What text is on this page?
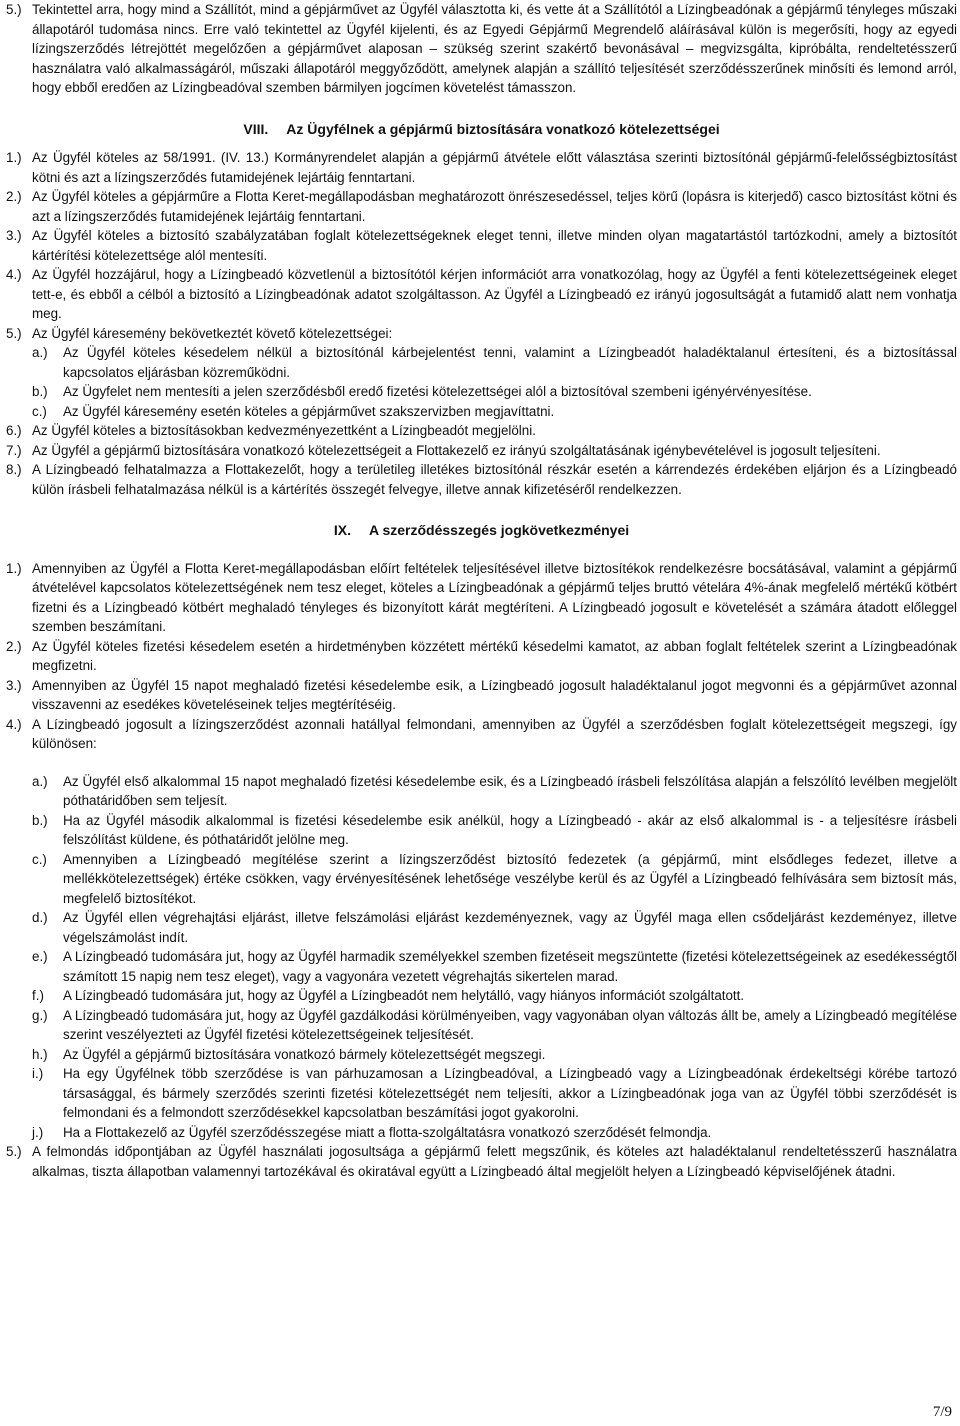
5.) Tekintettel arra, hogy mind a Szállítót, mind a gépjárművet az Ügyfél választotta ki, és vette át a Szállítótól a Lízingbeadónak a gépjármű tényleges műszaki állapotáról tudomása nincs. Erre való tekintettel az Ügyfél kijelenti, és az Egyedi Gépjármű Megrendelő aláírásával külön is megerősíti, hogy az egyedi lízingszerződés létrejöttét megelőzően a gépjárművet alaposan – szükség szerint szakértő bevonásával – megvizsgálta, kipróbálta, rendeltetésszerű használatra való alkalmasságáról, műszaki állapotáról meggyőződött, amelynek alapján a szállító teljesítését szerződésszerűnek minősíti és lemond arról, hogy ebből eredően az Lízingbeadóval szemben bármilyen jogcímen követelést támasszon.

VIII. Az Ügyfélnek a gépjármű biztosítására vonatkozó kötelezettségei

1.) Az Ügyfél köteles az 58/1991. (IV. 13.) Kormányrendelet alapján a gépjármű átvétele előtt választása szerinti biztosítónál gépjármű-felelősségbiztosítást kötni és azt a lízingszerződés futamidejének lejártáig fenntartani.

2.) Az Ügyfél köteles a gépjárműre a Flotta Keret-megállapodásban meghatározott önrészesedéssel, teljes körű (lopásra is kiterjedő) casco biztosítást kötni és azt a lízingszerződés futamidejének lejártáig fenntartani.

3.) Az Ügyfél köteles a biztosító szabályzatában foglalt kötelezettségeknek eleget tenni, illetve minden olyan magatartástól tartózkodni, amely a biztosítót kártérítési kötelezettsége alól mentesíti.

4.) Az Ügyfél hozzájárul, hogy a Lízingbeadó közvetlenül a biztosítótól kérjen információt arra vonatkozólag, hogy az Ügyfél a fenti kötelezettségeinek eleget tett-e, és ebből a célból a biztosító a Lízingbeadónak adatot szolgáltasson. Az Ügyfél a Lízingbeadó ez irányú jogosultságát a futamidő alatt nem vonhatja meg.

5.) Az Ügyfél káresemény bekövetkeztét követő kötelezettségei:

a.) Az Ügyfél köteles késedelem nélkül a biztosítónál kárbejelentést tenni, valamint a Lízingbeadót haladéktalanul értesíteni, és a biztosítással kapcsolatos eljárásban közreműködni.

b.) Az Ügyfelet nem mentesíti a jelen szerződésből eredő fizetési kötelezettségei alól a biztosítóval szembeni igényérvényesítése.

c.) Az Ügyfél káresemény esetén köteles a gépjárművet szakszervizben megjavíttatni.

6.) Az Ügyfél köteles a biztosításokban kedvezményezettként a Lízingbeadót megjelölni.

7.) Az Ügyfél a gépjármű biztosítására vonatkozó kötelezettségeit a Flottakezelő ez irányú szolgáltatásának igénybevételével is jogosult teljesíteni.

8.) A Lízingbeadó felhatalmazza a Flottakezelőt, hogy a területileg illetékes biztosítónál részkár esetén a kárrendezés érdekében eljárjon és a Lízingbeadó külön írásbeli felhatalmazása nélkül is a kártérítés összegét felvegye, illetve annak kifizetéséről rendelkezzen.

IX. A szerződésszegés jogkövetkezményei

1.) Amennyiben az Ügyfél a Flotta Keret-megállapodásban előírt feltételek teljesítésével illetve biztosítékok rendelkezésre bocsátásával, valamint a gépjármű átvételével kapcsolatos kötelezettségének nem tesz eleget, köteles a Lízingbeadónak a gépjármű teljes bruttó vételára 4%-ának megfelelő mértékű kötbért fizetni és a Lízingbeadó kötbért meghaladó tényleges és bizonyított kárát megtéríteni. A Lízingbeadó jogosult e követelését a számára átadott előleggel szemben beszámítani.

2.) Az Ügyfél köteles fizetési késedelem esetén a hirdetményben közzétett mértékű késedelmi kamatot, az abban foglalt feltételek szerint a Lízingbeadónak megfizetni.

3.) Amennyiben az Ügyfél 15 napot meghaladó fizetési késedelembe esik, a Lízingbeadó jogosult haladéktalanul jogot megvonni és a gépjárművet azonnal visszavenni az esedékes követeléseinek teljes megtérítéséig.

4.) A Lízingbeadó jogosult a lízingszerződést azonnali hatállyal felmondani, amennyiben az Ügyfél a szerződésben foglalt kötelezettségeit megszegi, így különösen:

a.) Az Ügyfél első alkalommal 15 napot meghaladó fizetési késedelembe esik, és a Lízingbeadó írásbeli felszólítása alapján a felszólító levélben megjelölt póthatáridőben sem teljesít.

b.) Ha az Ügyfél második alkalommal is fizetési késedelembe esik anélkül, hogy a Lízingbeadó - akár az első alkalommal is - a teljesítésre írásbeli felszólítást küldene, és póthatáridőt jelölne meg.

c.) Amennyiben a Lízingbeadó megítélése szerint a lízingszerződést biztosító fedezetek (a gépjármű, mint elsődleges fedezet, illetve a mellékkötelezettségek) értéke csökken, vagy érvényesítésének lehetősége veszélybe kerül és az Ügyfél a Lízingbeadó felhívására sem biztosít más, megfelelő biztosítékot.

d.) Az Ügyfél ellen végrehajtási eljárást, illetve felszámolási eljárást kezdeményeznek, vagy az Ügyfél maga ellen csődeljárást kezdeményez, illetve végelszámolást indít.

e.) A Lízingbeadó tudomására jut, hogy az Ügyfél harmadik személyekkel szemben fizetéseit megszüntette (fizetési kötelezettségeinek az esedékességtől számított 15 napig nem tesz eleget), vagy a vagyonára vezetett végrehajtás sikertelen marad.

f.) A Lízingbeadó tudomására jut, hogy az Ügyfél a Lízingbeadót nem helytálló, vagy hiányos információt szolgáltatott.

g.) A Lízingbeadó tudomására jut, hogy az Ügyfél gazdálkodási körülményeiben, vagy vagyonában olyan változás állt be, amely a Lízingbeadó megítélése szerint veszélyezteti az Ügyfél fizetési kötelezettségeinek teljesítését.

h.) Az Ügyfél a gépjármű biztosítására vonatkozó bármely kötelezettségét megszegi.

i.) Ha egy Ügyfélnek több szerződése is van párhuzamosan a Lízingbeadóval, a Lízingbeadó vagy a Lízingbeadónak érdekeltségi körébe tartozó társasággal, és bármely szerződés szerinti fizetési kötelezettségét nem teljesíti, akkor a Lízingbeadónak joga van az Ügyfél többi szerződését is felmondani és a felmondott szerződésekkel kapcsolatban beszámítási jogot gyakorolni.

j.) Ha a Flottakezelő az Ügyfél szerződésszegése miatt a flotta-szolgáltatásra vonatkozó szerződését felmondja.

5.) A felmondás időpontjában az Ügyfél használati jogosultsága a gépjármű felett megszűnik, és köteles azt haladéktalanul rendeltetésszerű használatra alkalmas, tiszta állapotban valamennyi tartozékával és okiratával együtt a Lízingbeadó által megjelölt helyen a Lízingbeadó képviselőjének átadni.

7/9
